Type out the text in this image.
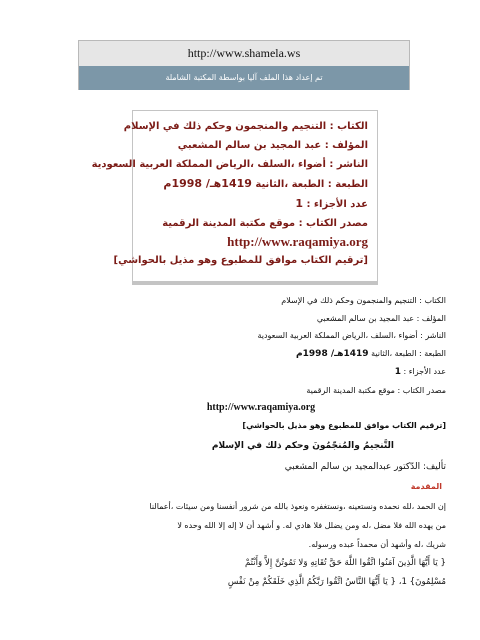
http://www.shamela.ws
تم إعداد هذا الملف آليا بواسطة المكتبة الشاملة
الكتاب : التنجيم والمنجمون وحكم ذلك في الإسلام
المؤلف : عبد المجيد بن سالم المشعبي
الناشر : أضواء ،السلف ،الرياض المملكة العربية السعودية
الطبعة : الطبعة ،الثانية 1419هـ/ 1998م
عدد الأجزاء : 1
مصدر الكتاب : موقع مكتبة المدينة الرقمية
http://www.raqamiya.org
[ترقيم الكتاب موافق للمطبوع وهو مذيل بالحواشي]
الكتاب : التنجيم والمنجمون وحكم ذلك في الإسلام
المؤلف : عبد المجيد بن سالم المشعبي
الناشر : أضواء ،السلف ،الرياض المملكة العربية السعودية
الطبعة : الطبعة ،الثانية 1419هـ/ 1998م
عدد الأجزاء : 1
مصدر الكتاب : موقع مكتبة المدينة الرقمية
http://www.raqamiya.org
[ترقيم الكتاب موافق للمطبوع وهو مذيل بالحواشي]
التَّنجيمُ والمُنجّمُونَ وحكم ذلك في الإسلام
تأليف: الدّكتور عبدالمجيد بن سالم المشعبي
المقدمة
إن الحمد ،لله نحمده ونستعينه ،ونستغفره ونعوذ بالله من شرور أنفسنا ومن سيئات ،أعمالنا
من يهده الله فلا مضل ،له ومن يضلل فلا هادي له. و أشهد أن لا إله إلا الله وحده لا
شريك ،له وأشهد أن محمداً عبده ورسوله.
{ يَا أَيُّهَا الَّذِينَ آمَنُوا اتَّقُوا اللَّهَ حَقَّ تُقَاتِهِ وَلا تَمُوتُنَّ إِلاَّ وَأَنْتُمْ
مُسْلِمُونَ} 1، { يَا أَيُّهَا النَّاسُ اتَّقُوا رَبَّكُمُ الَّذِي خَلَقَكُمْ مِنْ نَفْسٍ
